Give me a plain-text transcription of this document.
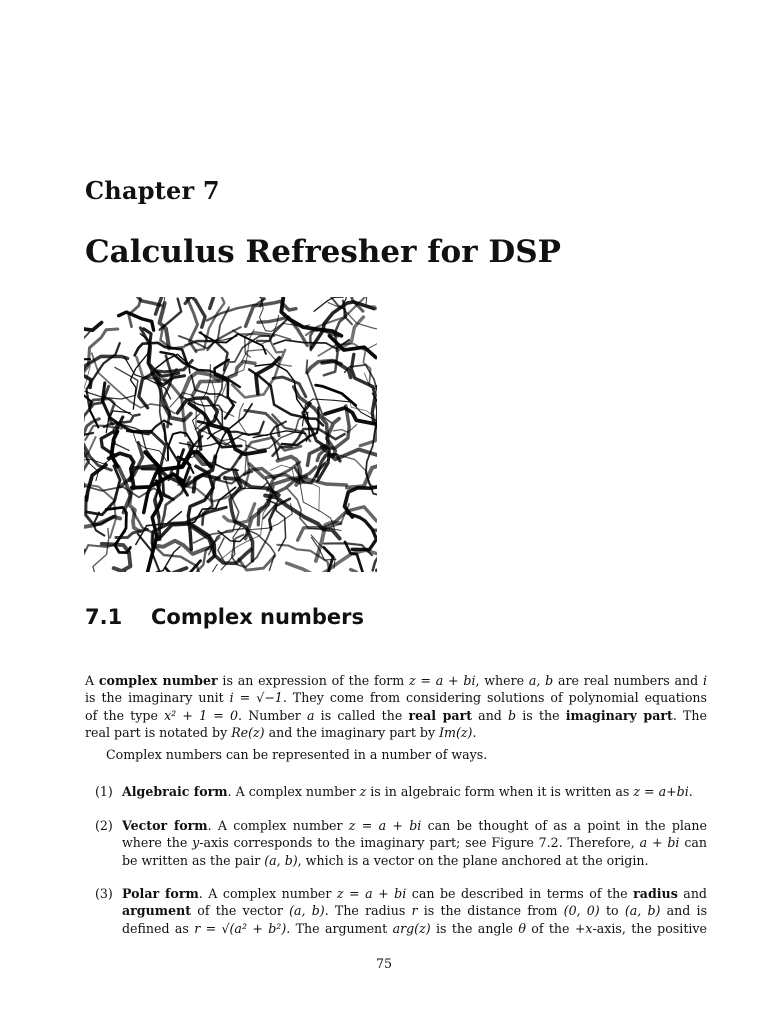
Chapter 7
Calculus Refresher for DSP
7.1 Complex numbers
A complex number is an expression of the form z = a + bi, where a, b are real numbers and i
is the imaginary unit i = √−1. They come from considering solutions of polynomial equations
of the type x² + 1 = 0. Number a is called the real part and b is the imaginary part. The
real part is notated by Re(z) and the imaginary part by Im(z).
Complex numbers can be represented in a number of ways.
(1) Algebraic form. A complex number z is in algebraic form when it is written as z = a+bi.
(2) Vector form. A complex number z = a + bi can be thought of as a point in the plane
where the y-axis corresponds to the imaginary part; see Figure 7.2. Therefore, a + bi can
be written as the pair (a, b), which is a vector on the plane anchored at the origin.
(3) Polar form. A complex number z = a + bi can be described in terms of the radius and
argument of the vector (a, b). The radius r is the distance from (0, 0) to (a, b) and is
defined as r = √(a² + b²). The argument arg(z) is the angle θ of the +x-axis, the positive
75
